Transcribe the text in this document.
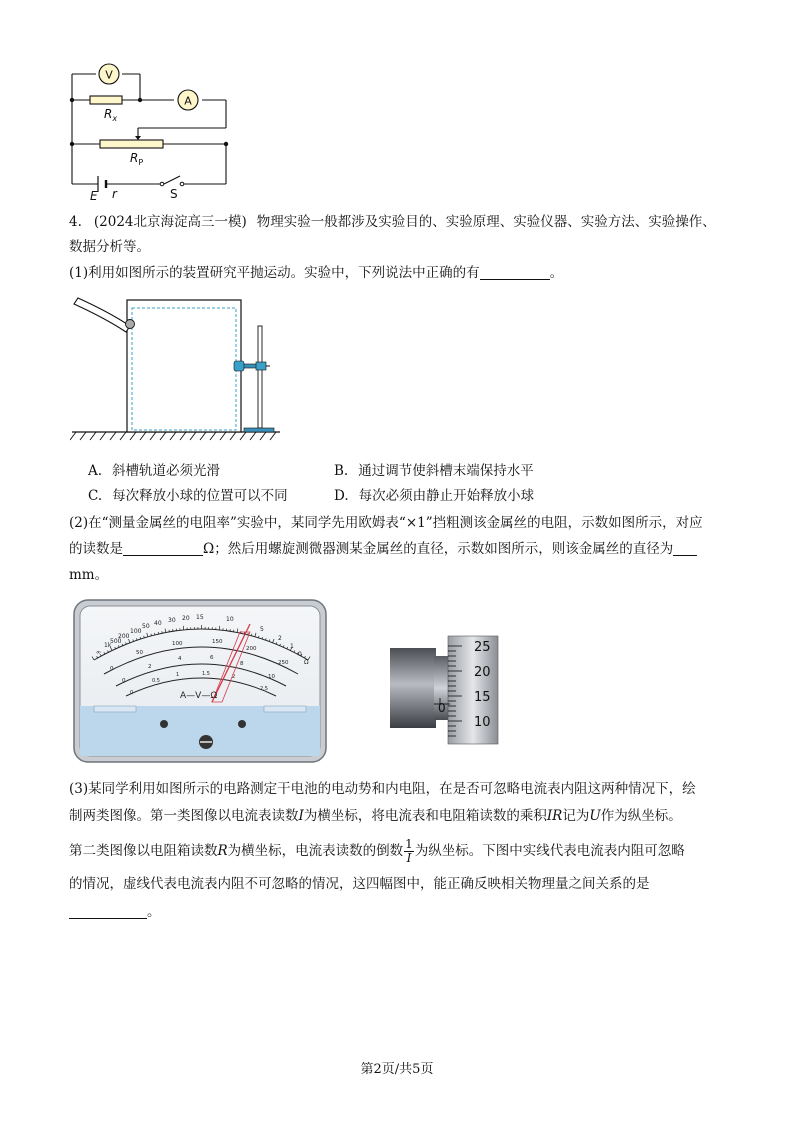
V
A
$R_x$
$R_P$
E r	S
4. (2024北京海淀高三一模) 物理实验一般都涉及实验目的、实验原理、实验仪器、实验方法、实验操作、
数据分析等。
(1)利用如图所示的装置研究平抛运动。实验中，下列说法中正确的有	。
A. 斜槽轨道必须光滑	B. 通过调节使斜槽末端保持水平
C. 每次释放小球的位置可以不同	D. 每次必须由静止开始释放小球
(2)在“测量金属丝的电阻率”实验中，某同学先用欧姆表“×1”挡粗测该金属丝的电阻，示数如图所示，对应
的读数是	Ω；然后用螺旋测微器测某金属丝的直径，示数如图所示，则该金属丝的直径为
mm。
∞
1k
500
200
100
50 40 30 20 15	10
5
2
1
0
Ω
0
50
100	150
200
250
0
2
4	6
8
10
0
0.5
1	1.5	2
2.5
A—V—Ω
0
25
20
15
10
(3)某同学利用如图所示的电路测定干电池的电动势和内电阻，在是否可忽略电流表内阻这两种情况下，绘
制两类图像。第一类图像以电流表读数I为横坐标，将电流表和电阻箱读数的乘积IR记为U作为纵坐标。
第二类图像以电阻箱读数R为横坐标，电流表读数的倒数 $\frac{1}{I}$ 为纵坐标。下图中实线代表电流表内阻可忽略
的情况，虚线代表电流表内阻不可忽略的情况，这四幅图中，能正确反映相关物理量之间关系的是
。
第2页/共5页
